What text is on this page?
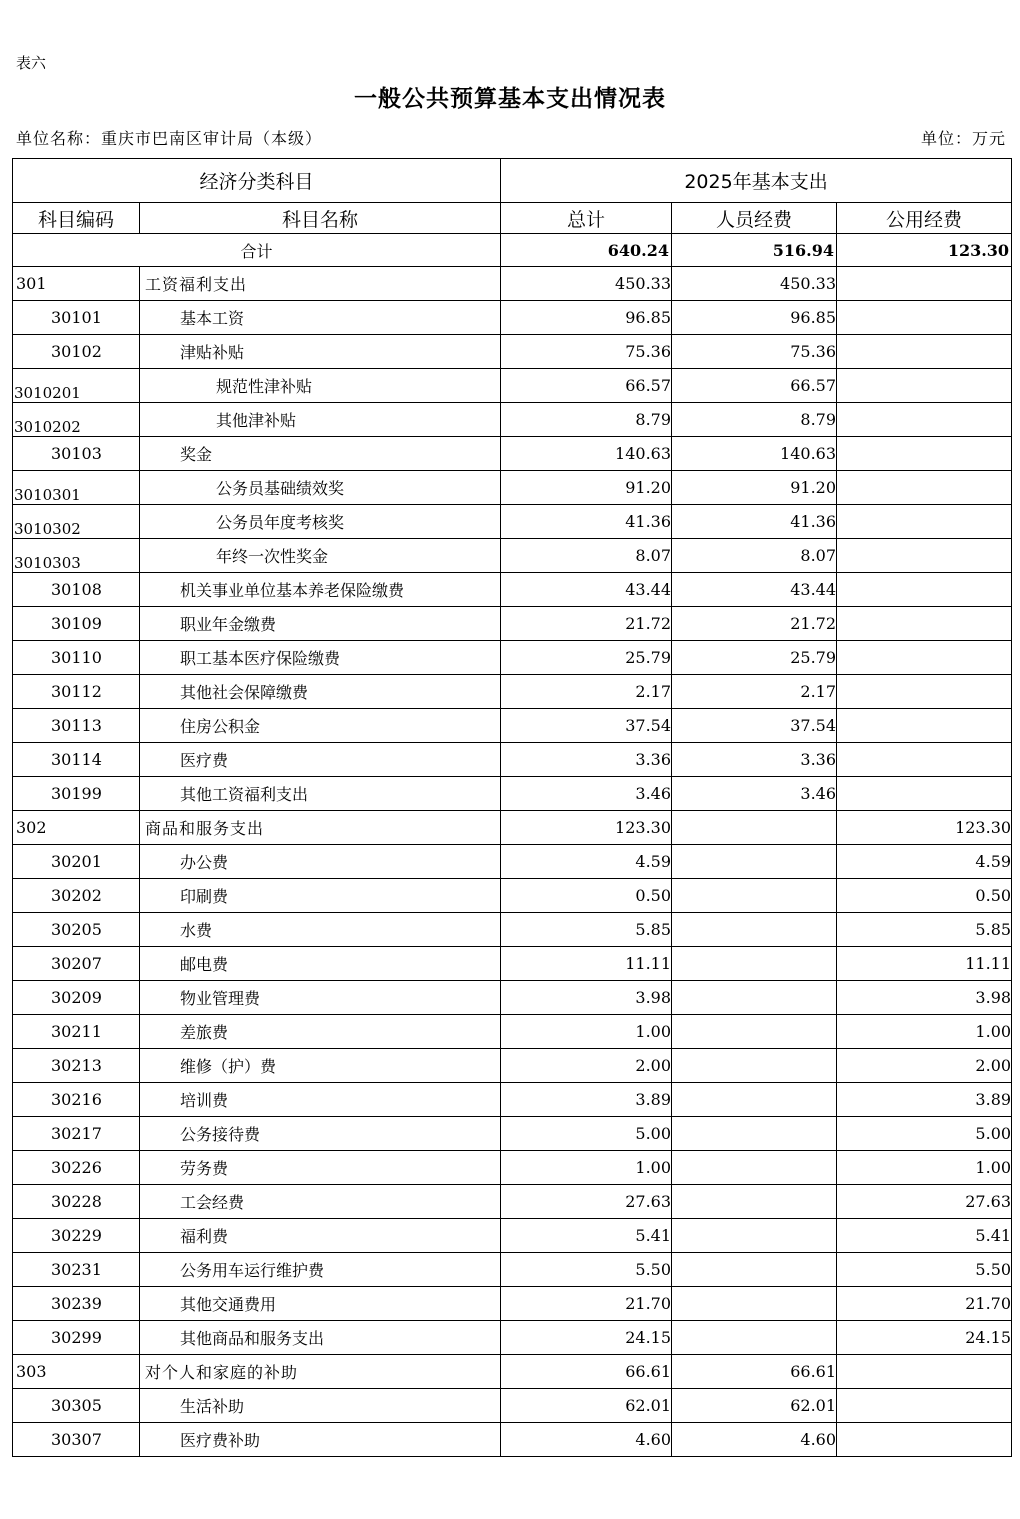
表六
一般公共预算基本支出情况表
单位名称：重庆市巴南区审计局（本级）	单位：万元
经济分类科目		2025年基本支出		
科目编码	科目名称	总计	人员经费	公用经费
合计		640.24	516.94	123.30
301	工资福利支出	450.33	450.33	
30101	基本工资	96.85	96.85	
30102	津贴补贴	75.36	75.36	
3010201	规范性津补贴	66.57	66.57	
3010202	其他津补贴	8.79	8.79	
30103	奖金	140.63	140.63	
3010301	公务员基础绩效奖	91.20	91.20	
3010302	公务员年度考核奖	41.36	41.36	
3010303	年终一次性奖金	8.07	8.07	
30108	机关事业单位基本养老保险缴费	43.44	43.44	
30109	职业年金缴费	21.72	21.72	
30110	职工基本医疗保险缴费	25.79	25.79	
30112	其他社会保障缴费	2.17	2.17	
30113	住房公积金	37.54	37.54	
30114	医疗费	3.36	3.36	
30199	其他工资福利支出	3.46	3.46	
302	商品和服务支出	123.30		123.30
30201	办公费	4.59		4.59
30202	印刷费	0.50		0.50
30205	水费	5.85		5.85
30207	邮电费	11.11		11.11
30209	物业管理费	3.98		3.98
30211	差旅费	1.00		1.00
30213	维修（护）费	2.00		2.00
30216	培训费	3.89		3.89
30217	公务接待费	5.00		5.00
30226	劳务费	1.00		1.00
30228	工会经费	27.63		27.63
30229	福利费	5.41		5.41
30231	公务用车运行维护费	5.50		5.50
30239	其他交通费用	21.70		21.70
30299	其他商品和服务支出	24.15		24.15
303	对个人和家庭的补助	66.61	66.61	
30305	生活补助	62.01	62.01	
30307	医疗费补助	4.60	4.60	
